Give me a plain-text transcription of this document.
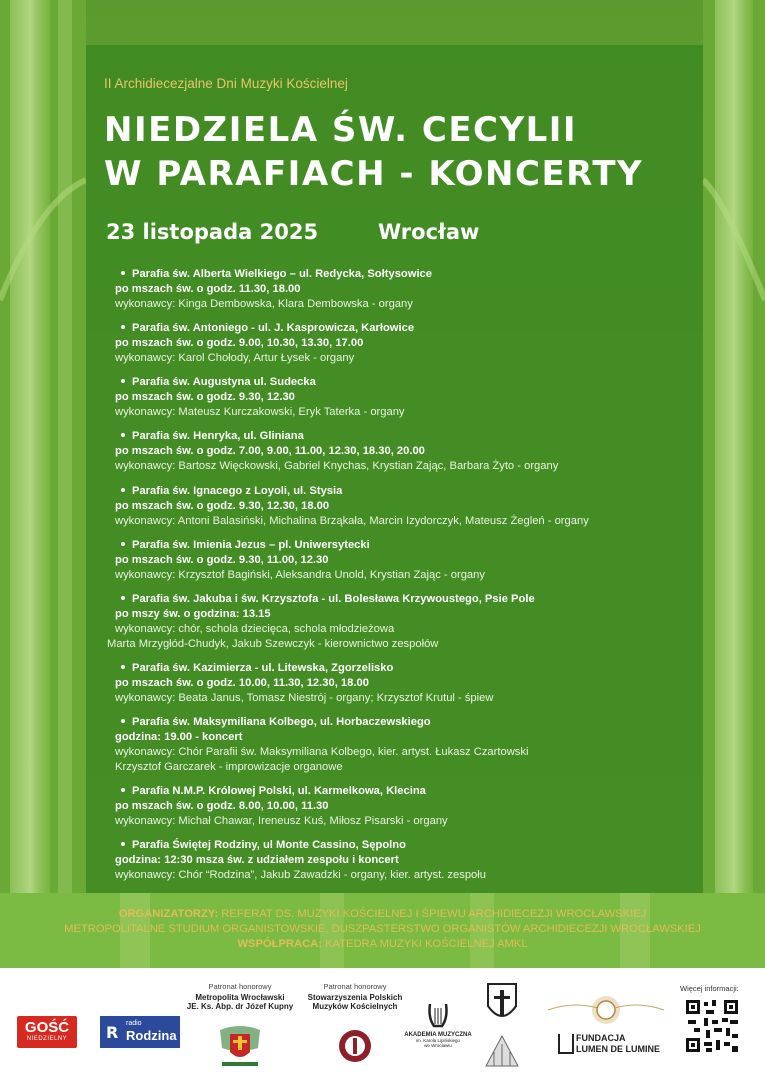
II Archidiecezjalne Dni Muzyki Kościelnej
NIEDZIELA ŚW. CECYLII
W PARAFIACH - KONCERTY
23 listopada 2025	Wrocław
Parafia św. Alberta Wielkiego – ul. Redycka, Sołtysowice
po mszach św. o godz. 11.30, 18.00
wykonawcy: Kinga Dembowska, Klara Dembowska - organy
Parafia św. Antoniego - ul. J. Kasprowicza, Karłowice
po mszach św. o godz. 9.00, 10.30, 13.30, 17.00
wykonawcy: Karol Chołody, Artur Łysek - organy
Parafia św. Augustyna ul. Sudecka
po mszach św. o godz. 9.30, 12.30
wykonawcy: Mateusz Kurczakowski, Eryk Taterka - organy
Parafia św. Henryka, ul. Gliniana
po mszach św. o godz. 7.00, 9.00, 11.00, 12.30, 18.30, 20.00
wykonawcy: Bartosz Więckowski, Gabriel Knychas, Krystian Zając, Barbara Żyto - organy
Parafia św. Ignacego z Loyoli, ul. Stysia
po mszach św. o godz. 9.30, 12.30, 18.00
wykonawcy: Antoni Balasiński, Michalina Brząkała, Marcin Izydorczyk, Mateusz Żegleń - organy
Parafia św. Imienia Jezus – pl. Uniwersytecki
po mszach św. o godz. 9.30, 11.00, 12.30
wykonawcy: Krzysztof Bagiński, Aleksandra Unold, Krystian Zając - organy
Parafia św. Jakuba i św. Krzysztofa - ul. Bolesława Krzywoustego, Psie Pole
po mszy św. o godzina: 13.15
wykonawcy: chór, schola dziecięca, schola młodzieżowa
Marta Mrzygłód-Chudyk, Jakub Szewczyk - kierownictwo zespołów
Parafia św. Kazimierza - ul. Litewska, Zgorzelisko
po mszach św. o godz. 10.00, 11.30, 12.30, 18.00
wykonawcy: Beata Janus, Tomasz Niestrój - organy; Krzysztof Krutul - śpiew
Parafia św. Maksymiliana Kolbego, ul. Horbaczewskiego
godzina: 19.00 - koncert
wykonawcy: Chór Parafii św. Maksymiliana Kolbego, kier. artyst. Łukasz Czartowski
Krzysztof Garczarek - improwizacje organowe
Parafia N.M.P. Królowej Polski, ul. Karmelkowa, Klecina
po mszach św. o godz. 8.00, 10.00, 11.30
wykonawcy: Michał Chawar, Ireneusz Kuś, Miłosz Pisarski - organy
Parafia Świętej Rodziny, ul Monte Cassino, Sępolno
godzina: 12:30 msza św. z udziałem zespołu i koncert
wykonawcy: Chór “Rodzina”, Jakub Zawadzki - organy, kier. artyst. zespołu
ORGANIZATORZY: REFERAT DS. MUZYKI KOŚCIELNEJ I ŚPIEWU ARCHIDIECEZJI WROCŁAWSKIEJ
METROPOLITALNE STUDIUM ORGANISTOWSKIE, DUSZPASTERSTWO ORGANISTÓW ARCHIDIECEZJI WROCŁAWSKIEJ
WSPÓŁPRACA: KATEDRA MUZYKI KOŚCIELNEJ AMKL
GOŚĆ
NIEDZIELNY	R radio
Rodzina
Patronat honorowy
Metropolita Wrocławski
JE. Ks. Abp. dr Józef Kupny
Patronat honorowy
Stowarzyszenia Polskich
Muzyków Kościelnych
AKADEMIA MUZYCZNA
im. Karola Lipińskiego
we Wrocławiu
FUNDACJA
LUMEN DE LUMINE
Więcej informacji:
